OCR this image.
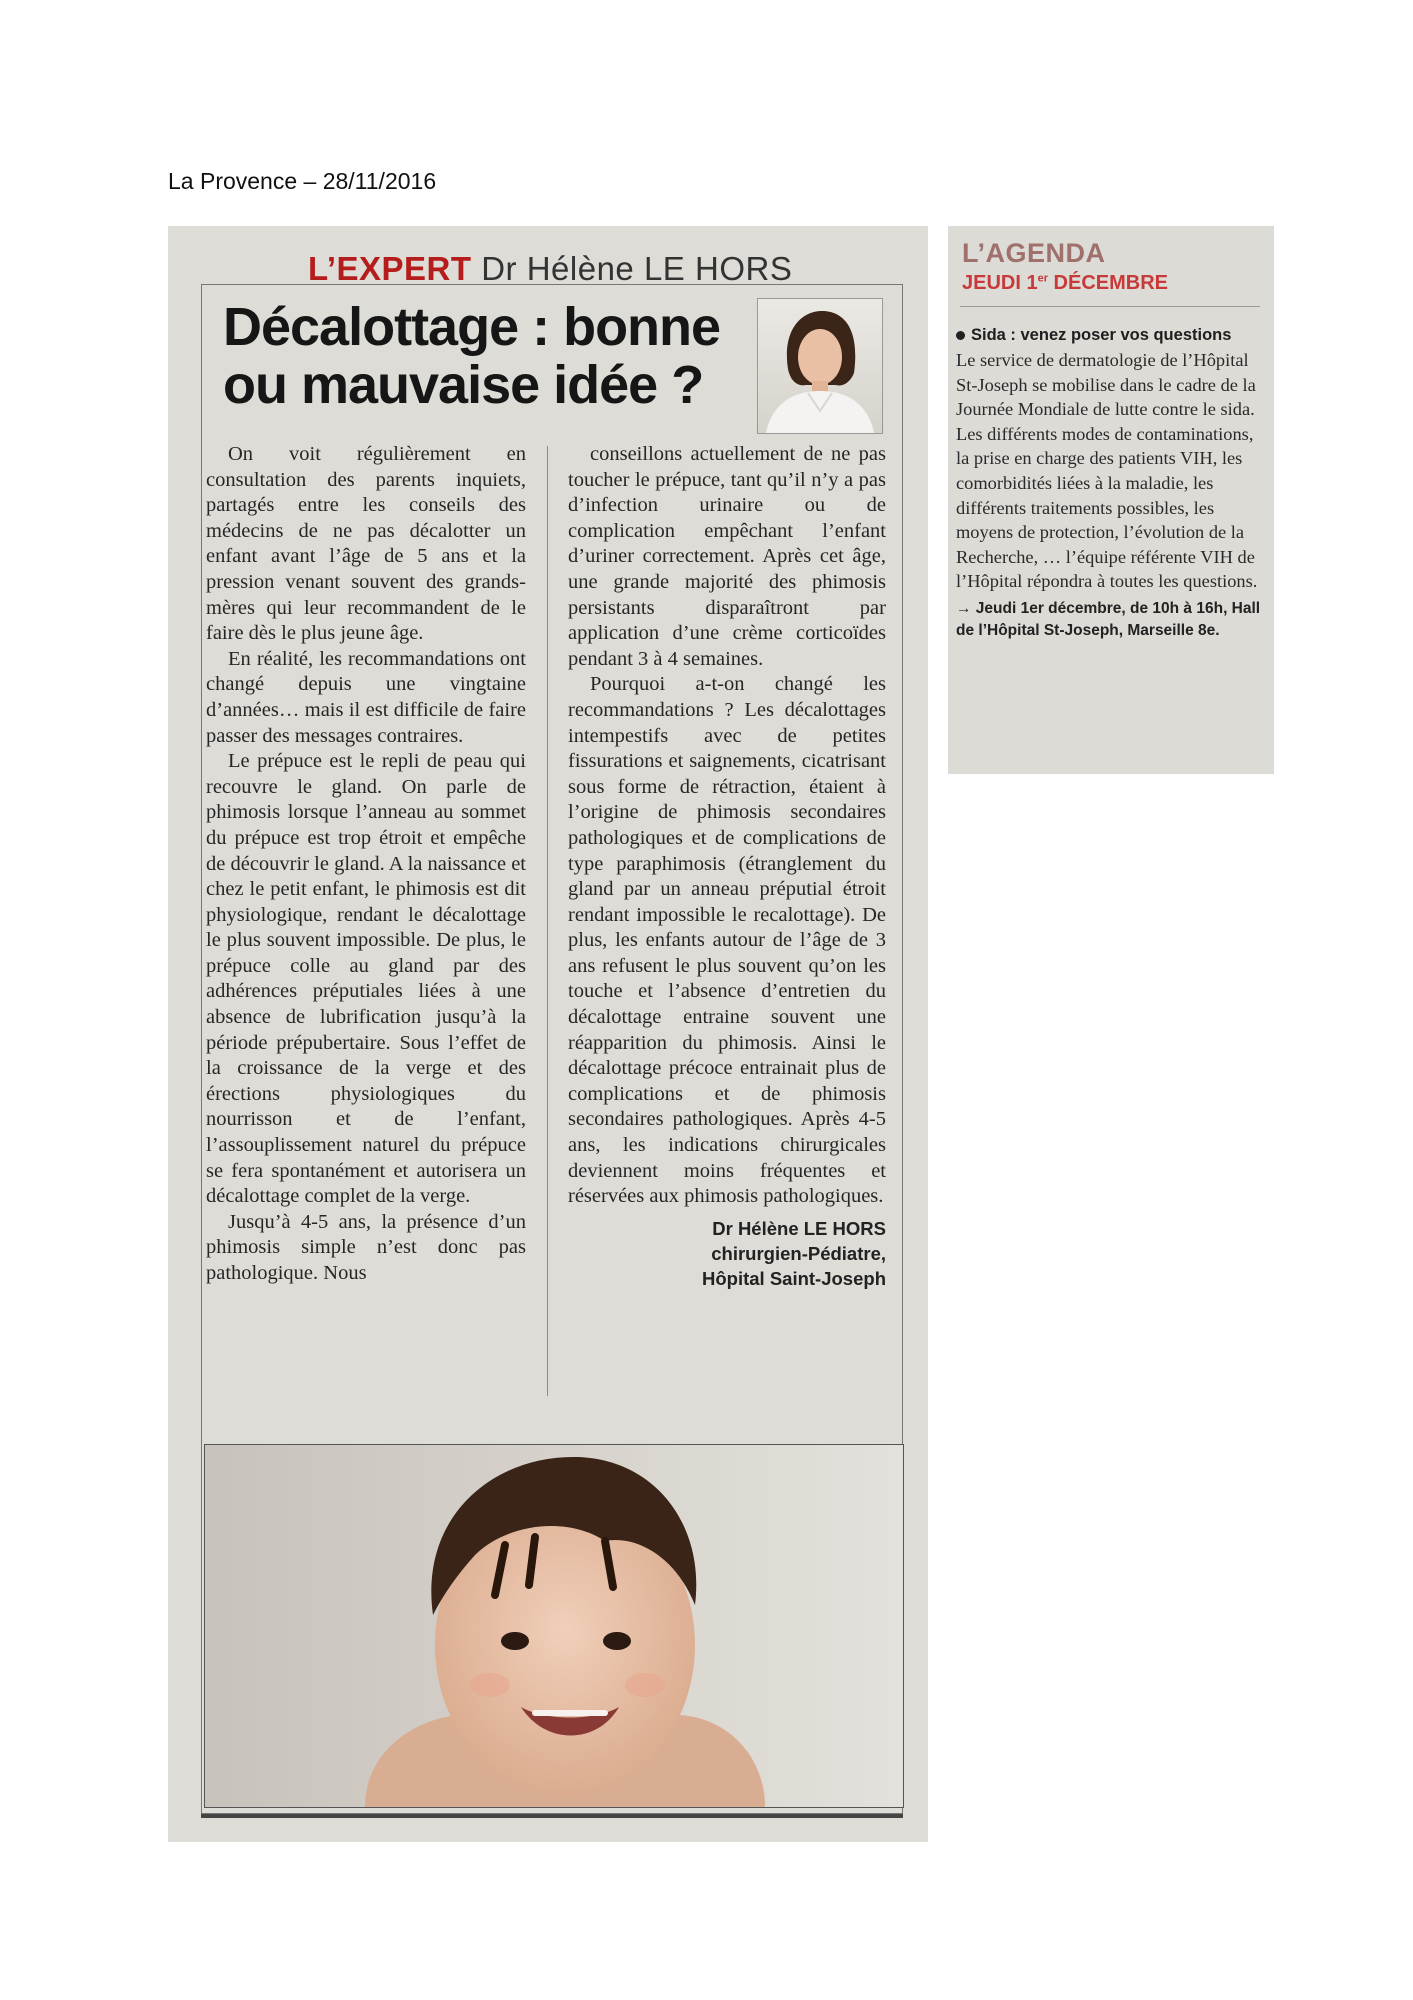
La Provence – 28/11/2016
L’EXPERT Dr Hélène LE HORS
Décalottage : bonne
ou mauvaise idée ?

On voit régulièrement en consultation des parents inquiets, partagés entre les conseils des médecins de ne pas décalotter un enfant avant l’âge de 5 ans et la pression venant souvent des grands-mères qui leur recommandent de le faire dès le plus jeune âge.

En réalité, les recommandations ont changé depuis une vingtaine d’années… mais il est difficile de faire passer des messages contraires.

Le prépuce est le repli de peau qui recouvre le gland. On parle de phimosis lorsque l’anneau au sommet du prépuce est trop étroit et empêche de découvrir le gland. A la naissance et chez le petit enfant, le phimosis est dit physiologique, rendant le décalottage le plus souvent impossible. De plus, le prépuce colle au gland par des adhérences préputiales liées à une absence de lubrification jusqu’à la période prépubertaire. Sous l’effet de la croissance de la verge et des érections physiologiques du nourrisson et de l’enfant, l’assouplissement naturel du prépuce se fera spontanément et autorisera un décalottage complet de la verge.

Jusqu’à 4-5 ans, la présence d’un phimosis simple n’est donc pas pathologique. Nous

conseillons actuellement de ne pas toucher le prépuce, tant qu’il n’y a pas d’infection urinaire ou de complication empêchant l’enfant d’uriner correctement. Après cet âge, une grande majorité des phimosis persistants disparaîtront par application d’une crème corticoïdes pendant 3 à 4 semaines.

Pourquoi a-t-on changé les recommandations ? Les décalottages intempestifs avec de petites fissurations et saignements, cicatrisant sous forme de rétraction, étaient à l’origine de phimosis secondaires pathologiques et de complications de type paraphimosis (étranglement du gland par un anneau préputial étroit rendant impossible le recalottage). De plus, les enfants autour de l’âge de 3 ans refusent le plus souvent qu’on les touche et l’absence d’entretien du décalottage entraine souvent une réapparition du phimosis. Ainsi le décalottage précoce entrainait plus de complications et de phimosis secondaires pathologiques. Après 4-5 ans, les indications chirurgicales deviennent moins fréquentes et réservées aux phimosis pathologiques.

Dr Hélène LE HORS
chirurgien-Pédiatre,
Hôpital Saint-Joseph
L’AGENDA
JEUDI 1er DÉCEMBRE
Sida : venez poser vos questions

Le service de dermatologie de l’Hôpital St-Joseph se mobilise dans le cadre de la Journée Mondiale de lutte contre le sida. Les différents modes de contaminations, la prise en charge des patients VIH, les comorbidités liées à la maladie, les différents traitements possibles, les moyens de protection, l’évolution de la Recherche, … l’équipe référente VIH de l’Hôpital répondra à toutes les questions.

→ Jeudi 1er décembre, de 10h à 16h, Hall de l’Hôpital St-Joseph, Marseille 8e.
